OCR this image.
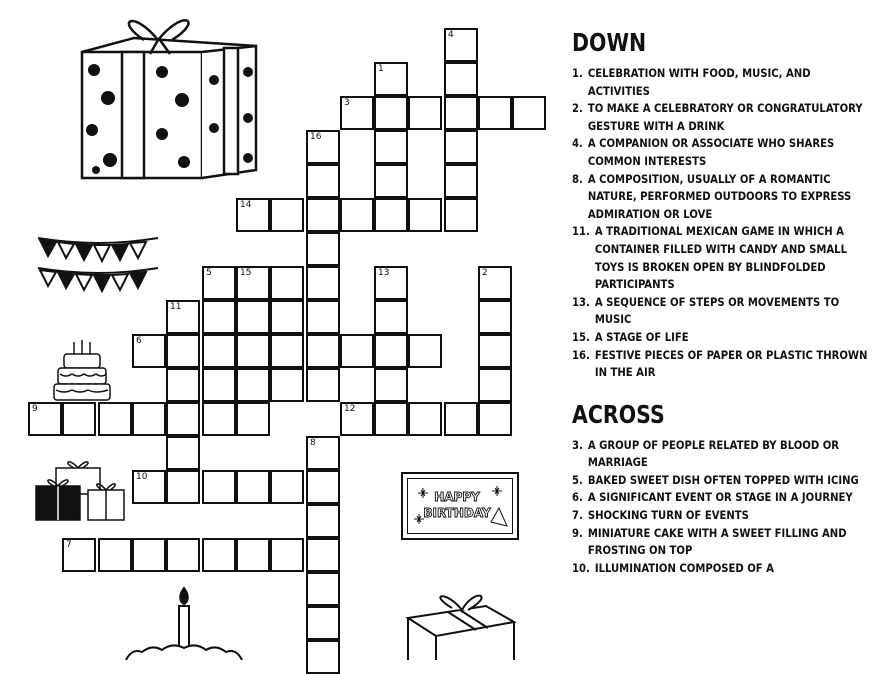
4
1
3
16
14
5	15	13	2
11
6
9	12
8
10
7
HAPPY
BIRTHDAY
DOWN
1. CELEBRATION WITH FOOD, MUSIC, AND ACTIVITIES
2. TO MAKE A CELEBRATORY OR CONGRATULATORY GESTURE WITH A DRINK
4. A COMPANION OR ASSOCIATE WHO SHARES COMMON INTERESTS
8. A COMPOSITION, USUALLY OF A ROMANTIC NATURE, PERFORMED OUTDOORS TO EXPRESS ADMIRATION OR LOVE
11. A TRADITIONAL MEXICAN GAME IN WHICH A CONTAINER FILLED WITH CANDY AND SMALL TOYS IS BROKEN OPEN BY BLINDFOLDED PARTICIPANTS
13. A SEQUENCE OF STEPS OR MOVEMENTS TO MUSIC
15. A STAGE OF LIFE
16. FESTIVE PIECES OF PAPER OR PLASTIC THROWN IN THE AIR
ACROSS
3. A GROUP OF PEOPLE RELATED BY BLOOD OR MARRIAGE
5. BAKED SWEET DISH OFTEN TOPPED WITH ICING
6. A SIGNIFICANT EVENT OR STAGE IN A JOURNEY
7. SHOCKING TURN OF EVENTS
9. MINIATURE CAKE WITH A SWEET FILLING AND FROSTING ON TOP
10. ILLUMINATION COMPOSED OF A
